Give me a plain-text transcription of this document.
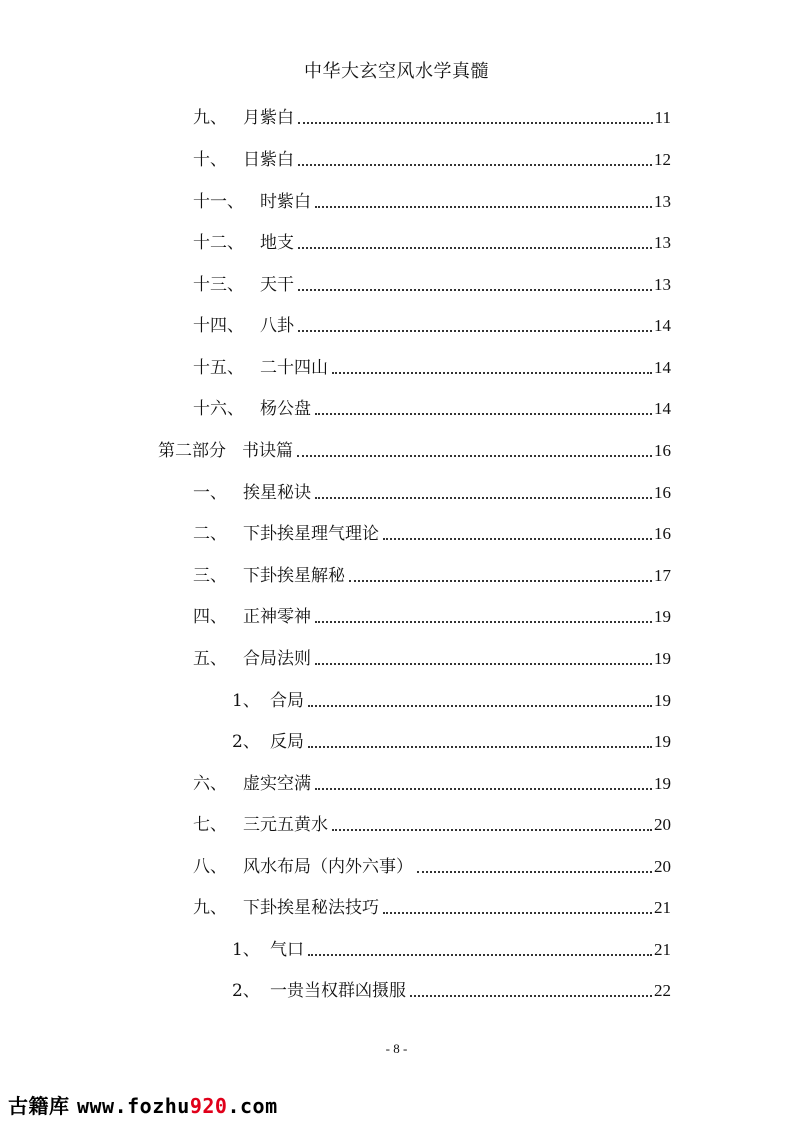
中华大玄空风水学真髓
九、 月紫白	11
十、 日紫白	12
十一、 时紫白	13
十二、 地支	13
十三、 天干	13
十四、 八卦	14
十五、 二十四山	14
十六、 杨公盘	14
第二部分 书诀篇	16
一、 挨星秘诀	16
二、 下卦挨星理气理论	16
三、 下卦挨星解秘	17
四、 正神零神	19
五、 合局法则	19
1、 合局	19
2、 反局	19
六、 虚实空满	19
七、 三元五黄水	20
八、 风水布局（内外六事）	20
九、 下卦挨星秘法技巧	21
1、 气口	21
2、 一贵当权群凶摄服	22
- 8 -
古籍库 www.fozhu920.com
